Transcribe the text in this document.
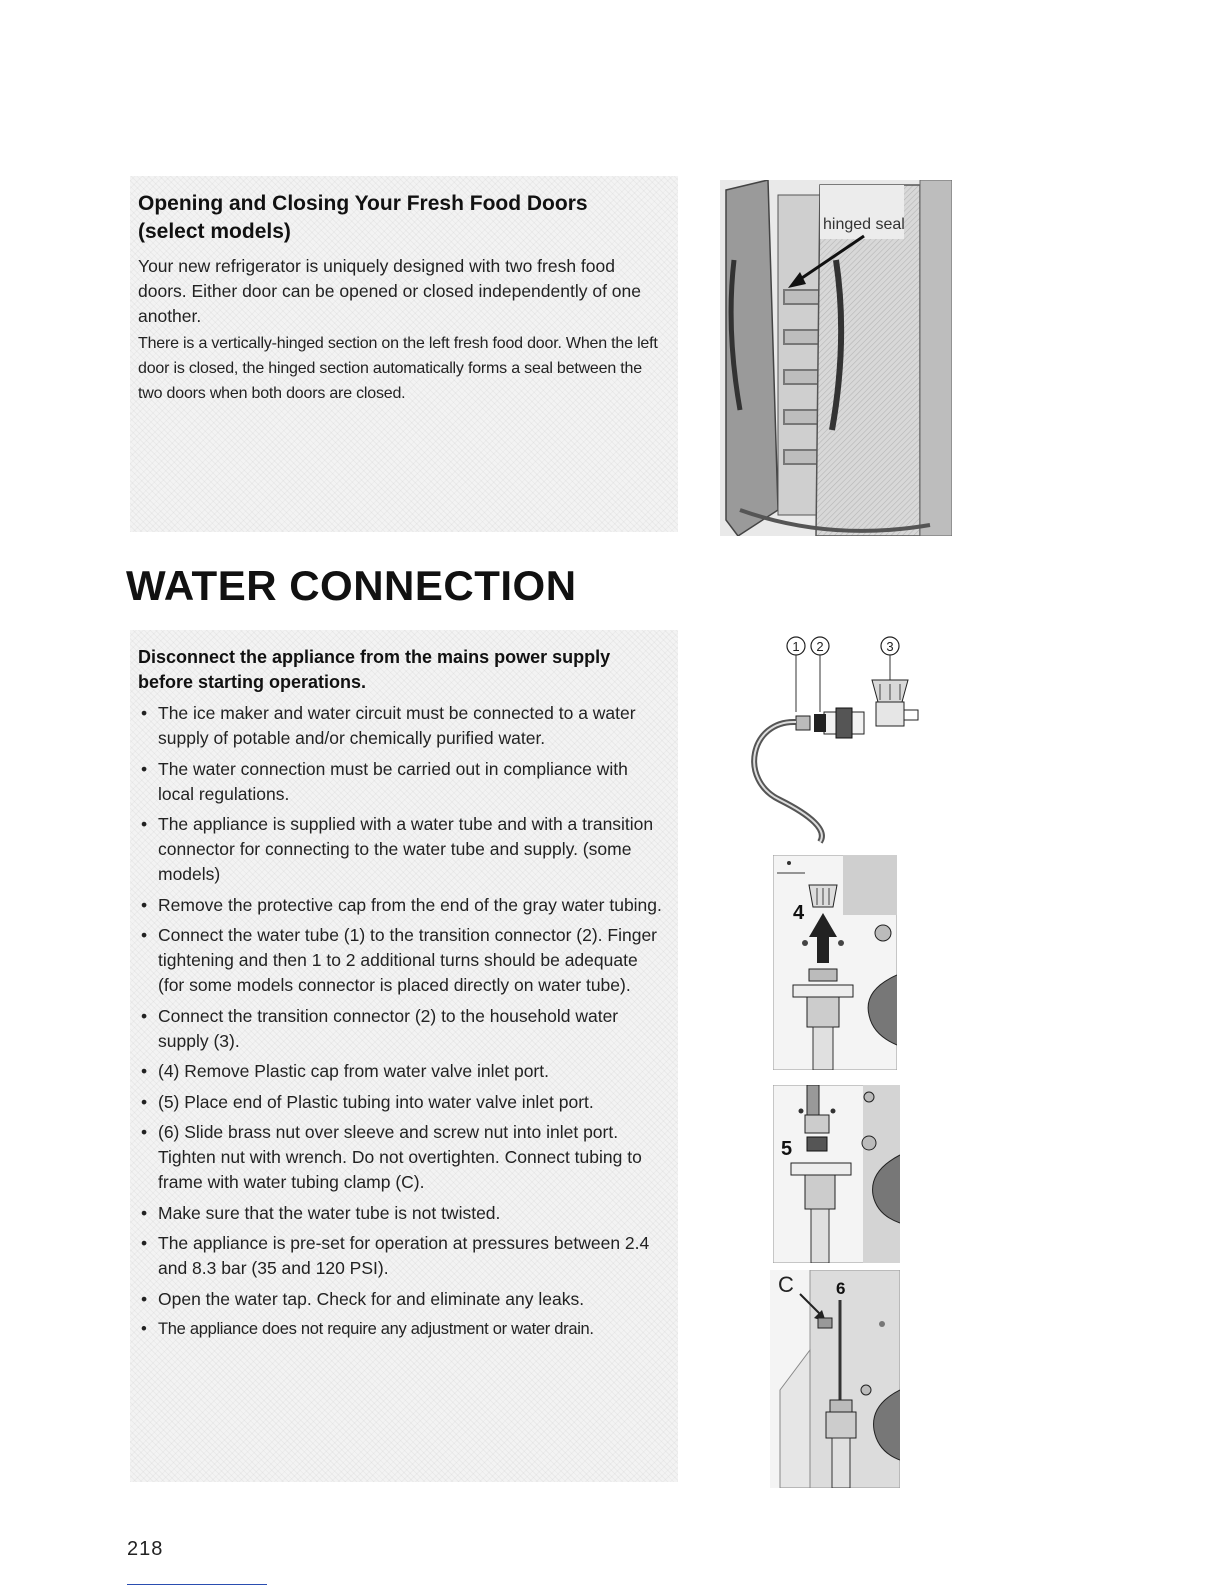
Opening and Closing Your Fresh Food Doors (select models)

Your new refrigerator is uniquely designed with two fresh food doors. Either door can be opened or closed independently of one another.

There is a vertically-hinged section on the left fresh food door. When the left door is closed, the hinged section automatically forms a seal between the two doors when both doors are closed.

hinged seal
WATER CONNECTION

Disconnect the appliance from the mains power supply before starting operations.

• The ice maker and water circuit must be connected to a water supply of potable and/or chemically purified water.
• The water connection must be carried out in compliance with local regulations.
• The appliance is supplied with a water tube and with a transition connector for connecting to the water tube and supply. (some models)
• Remove the protective cap from the end of the gray water tubing.
• Connect the water tube (1) to the transition connector (2). Finger tightening and then 1 to 2 additional turns should be adequate (for some models connector is placed directly on water tube).
• Connect the transition connector (2) to the household water supply (3).
• (4) Remove Plastic cap from water valve inlet port.
• (5) Place end of Plastic tubing into water valve inlet port.
• (6) Slide brass nut over sleeve and screw nut into inlet port. Tighten nut with wrench. Do not overtighten. Connect tubing to frame with water tubing clamp (C).
• Make sure that the water tube is not twisted.
• The appliance is pre-set for operation at pressures between 2.4 and 8.3 bar (35 and 120 PSI).
• Open the water tap. Check for and eliminate any leaks.
• The appliance does not require any adjustment or water drain.
1 2	3
4
5
C 6
218
